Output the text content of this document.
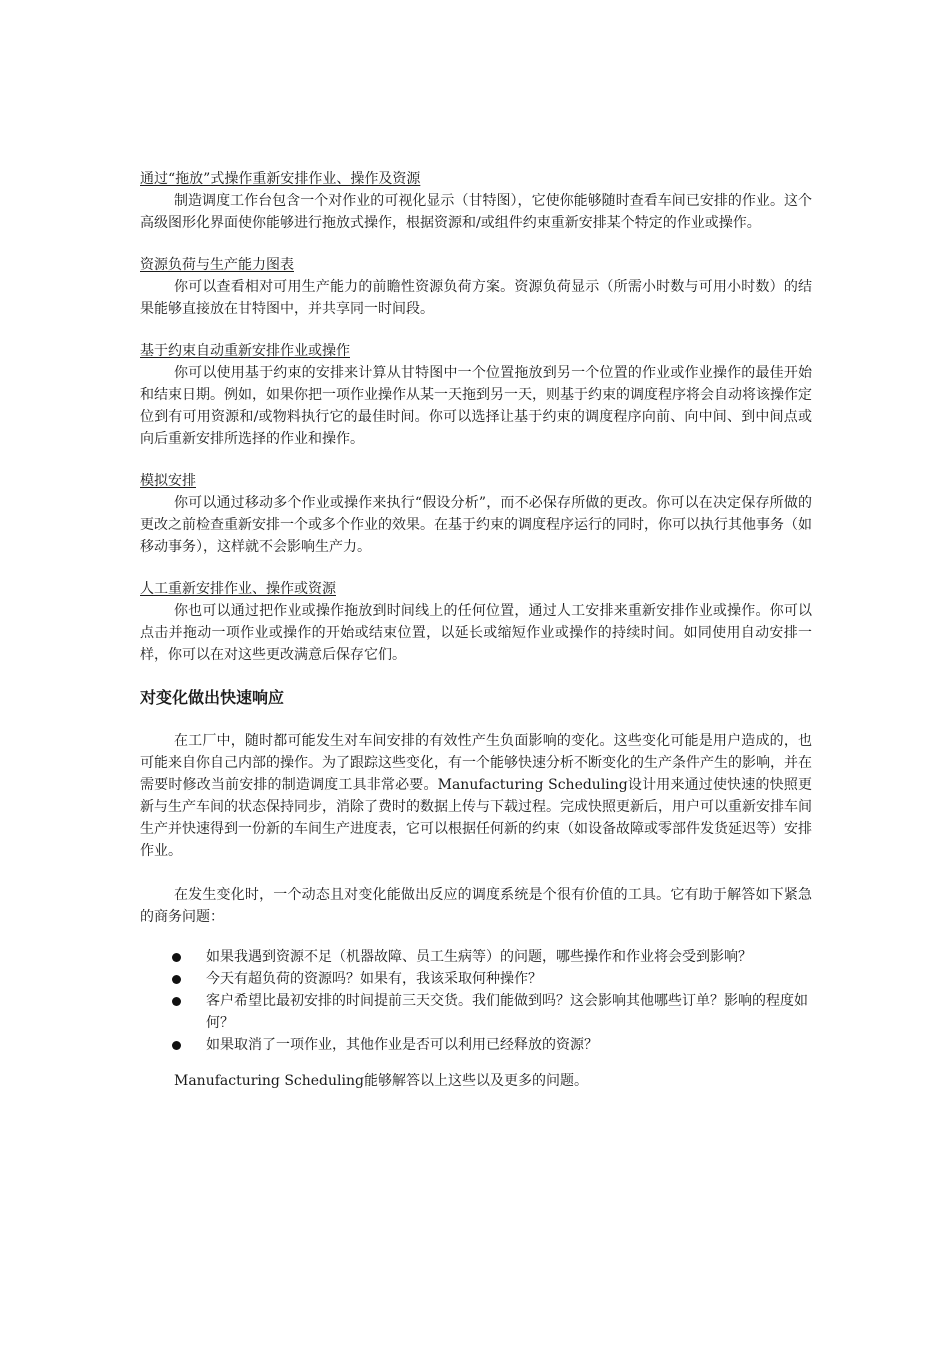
通过“拖放”式操作重新安排作业、操作及资源

制造调度工作台包含一个对作业的可视化显示（甘特图），它使你能够随时查看车间已安排的作业。这个高级图形化界面使你能够进行拖放式操作，根据资源和/或组件约束重新安排某个特定的作业或操作。

资源负荷与生产能力图表

你可以查看相对可用生产能力的前瞻性资源负荷方案。资源负荷显示（所需小时数与可用小时数）的结果能够直接放在甘特图中，并共享同一时间段。

基于约束自动重新安排作业或操作

你可以使用基于约束的安排来计算从甘特图中一个位置拖放到另一个位置的作业或作业操作的最佳开始和结束日期。例如，如果你把一项作业操作从某一天拖到另一天，则基于约束的调度程序将会自动将该操作定位到有可用资源和/或物料执行它的最佳时间。你可以选择让基于约束的调度程序向前、向中间、到中间点或向后重新安排所选择的作业和操作。

模拟安排

你可以通过移动多个作业或操作来执行“假设分析”，而不必保存所做的更改。你可以在决定保存所做的更改之前检查重新安排一个或多个作业的效果。在基于约束的调度程序运行的同时，你可以执行其他事务（如移动事务），这样就不会影响生产力。

人工重新安排作业、操作或资源

你也可以通过把作业或操作拖放到时间线上的任何位置，通过人工安排来重新安排作业或操作。你可以点击并拖动一项作业或操作的开始或结束位置，以延长或缩短作业或操作的持续时间。如同使用自动安排一样，你可以在对这些更改满意后保存它们。

对变化做出快速响应

在工厂中，随时都可能发生对车间安排的有效性产生负面影响的变化。这些变化可能是用户造成的，也可能来自你自己内部的操作。为了跟踪这些变化，有一个能够快速分析不断变化的生产条件产生的影响，并在需要时修改当前安排的制造调度工具非常必要。Manufacturing Scheduling设计用来通过使快速的快照更新与生产车间的状态保持同步，消除了费时的数据上传与下载过程。完成快照更新后，用户可以重新安排车间生产并快速得到一份新的车间生产进度表，它可以根据任何新的约束（如设备故障或零部件发货延迟等）安排作业。

在发生变化时，一个动态且对变化能做出反应的调度系统是个很有价值的工具。它有助于解答如下紧急的商务问题：

如果我遇到资源不足（机器故障、员工生病等）的问题，哪些操作和作业将会受到影响？
今天有超负荷的资源吗？如果有，我该采取何种操作？
客户希望比最初安排的时间提前三天交货。我们能做到吗？这会影响其他哪些订单？影响的程度如何？
如果取消了一项作业，其他作业是否可以利用已经释放的资源？

Manufacturing Scheduling能够解答以上这些以及更多的问题。
